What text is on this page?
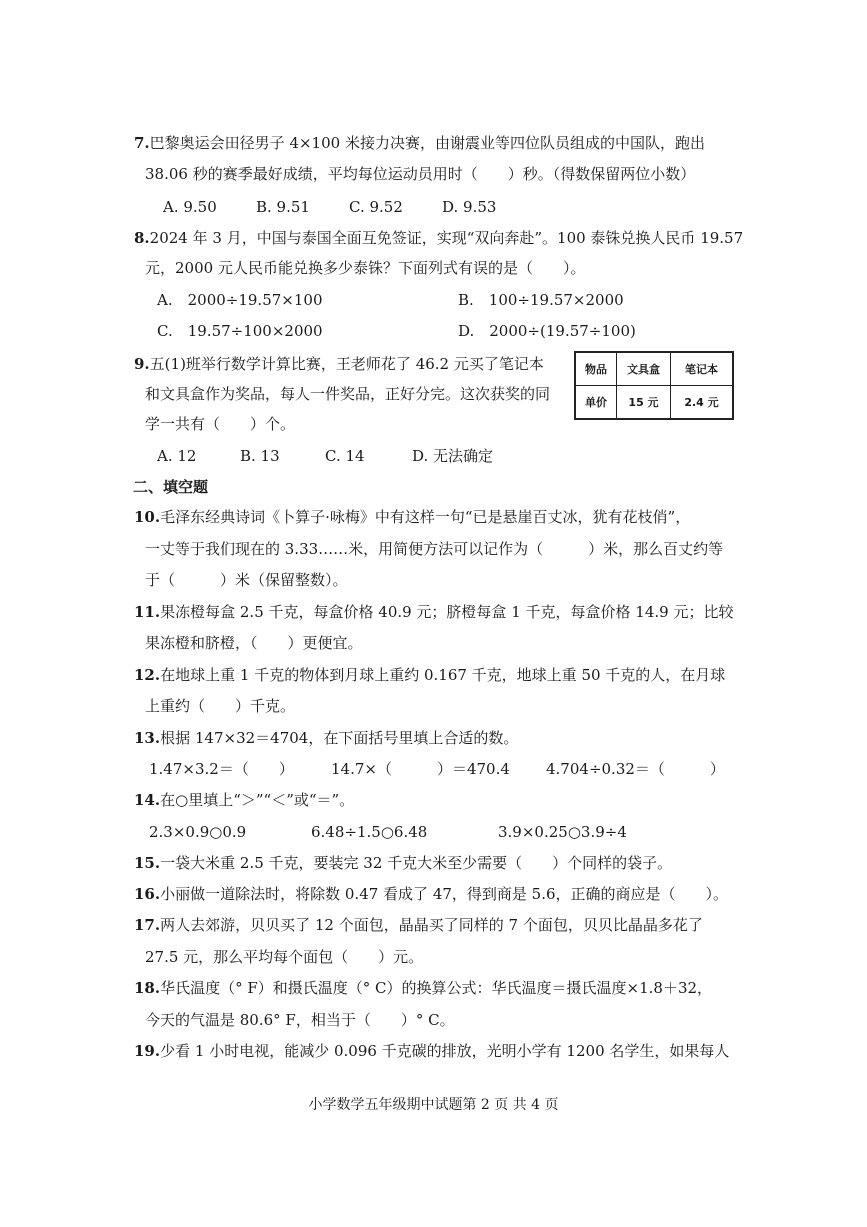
7.巴黎奥运会田径男子 4×100 米接力决赛，由谢震业等四位队员组成的中国队，跑出
38.06 秒的赛季最好成绩，平均每位运动员用时（　　）秒。（得数保留两位小数）
A. 9.50	B. 9.51	C. 9.52	D. 9.53
8.2024 年 3 月，中国与泰国全面互免签证，实现“双向奔赴”。100 泰铢兑换人民币 19.57
元，2000 元人民币能兑换多少泰铢？下面列式有误的是（　　）。
A.　2000÷19.57×100	B.　100÷19.57×2000
C.　19.57÷100×2000	D.　2000÷(19.57÷100)
9.五(1)班举行数学计算比赛，王老师花了 46.2 元买了笔记本
和文具盒作为奖品，每人一件奖品，正好分完。这次获奖的同
学一共有（　　）个。
A. 12	B. 13	C. 14	D. 无法确定
物品	文具盒	笔记本
单价	15 元	2.4 元
二、填空题
10.毛泽东经典诗词《卜算子·咏梅》中有这样一句“已是悬崖百丈冰，犹有花枝俏”，
一丈等于我们现在的 3.33……米，用简便方法可以记作为（　　　）米，那么百丈约等
于（　　　）米（保留整数）。
11.果冻橙每盒 2.5 千克，每盒价格 40.9 元；脐橙每盒 1 千克，每盒价格 14.9 元；比较
果冻橙和脐橙，（　　）更便宜。
12.在地球上重 1 千克的物体到月球上重约 0.167 千克，地球上重 50 千克的人，在月球
上重约（　　）千克。
13.根据 147×32＝4704，在下面括号里填上合适的数。
1.47×3.2＝（　　） 14.7×（　　　）＝470.4 4.704÷0.32＝（　　　）
14.在○里填上“＞”“＜”或“＝”。
2.3×0.9○0.9	6.48÷1.5○6.48	3.9×0.25○3.9÷4
15.一袋大米重 2.5 千克，要装完 32 千克大米至少需要（　　）个同样的袋子。
16.小丽做一道除法时，将除数 0.47 看成了 47，得到商是 5.6，正确的商应是（　　）。
17.两人去郊游，贝贝买了 12 个面包，晶晶买了同样的 7 个面包，贝贝比晶晶多花了
27.5 元，那么平均每个面包（　　）元。
18.华氏温度（° F）和摄氏温度（° C）的换算公式：华氏温度＝摄氏温度×1.8＋32，
今天的气温是 80.6° F，相当于（　　）° C。
19.少看 1 小时电视，能减少 0.096 千克碳的排放，光明小学有 1200 名学生，如果每人
小学数学五年级期中试题第 2 页 共 4 页
